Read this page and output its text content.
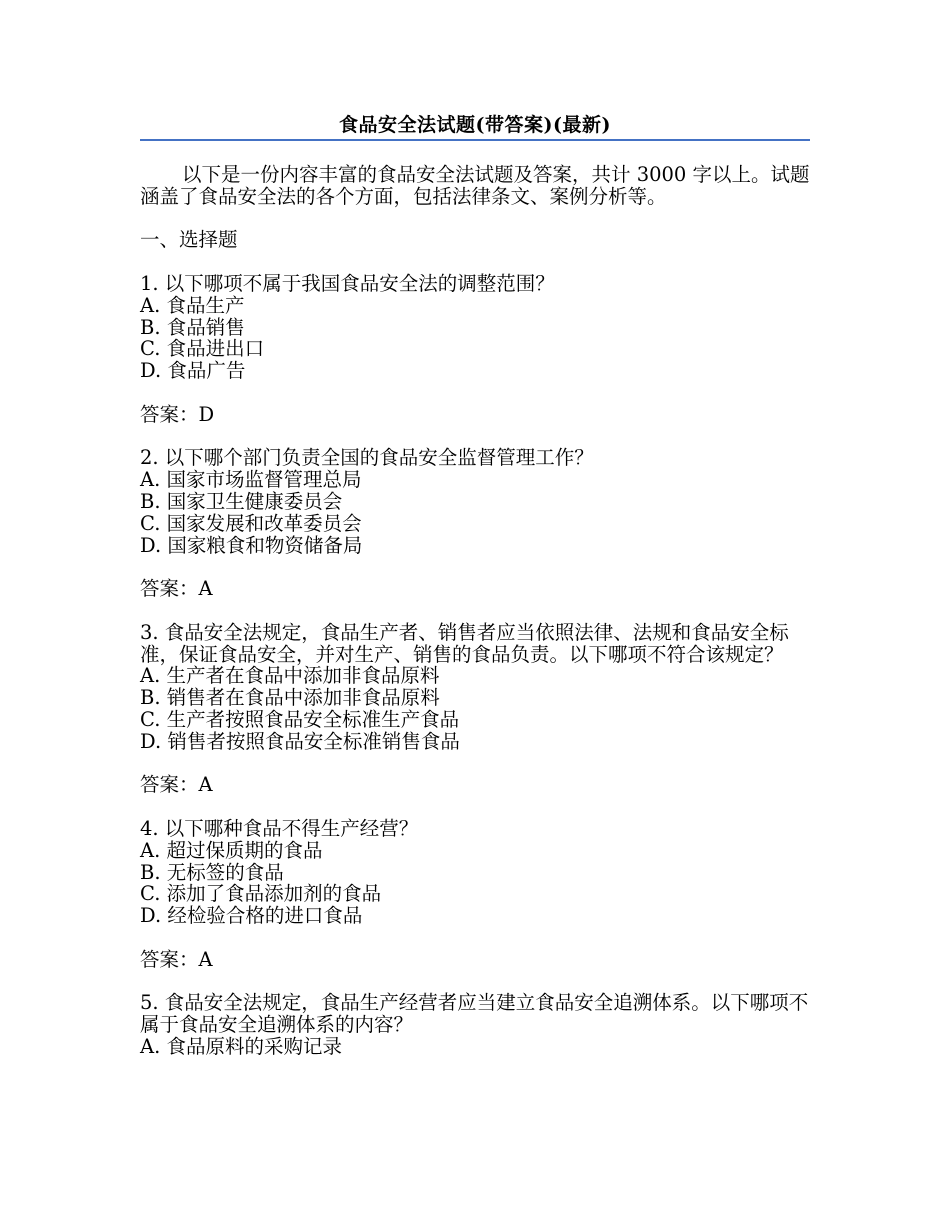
食品安全法试题(带答案)(最新)

以下是一份内容丰富的食品安全法试题及答案，共计 3000 字以上。试题涵盖了食品安全法的各个方面，包括法律条文、案例分析等。

一、选择题

1. 以下哪项不属于我国食品安全法的调整范围？

A. 食品生产

B. 食品销售

C. 食品进出口

D. 食品广告

答案：D

2. 以下哪个部门负责全国的食品安全监督管理工作？

A. 国家市场监督管理总局

B. 国家卫生健康委员会

C. 国家发展和改革委员会

D. 国家粮食和物资储备局

答案：A

3. 食品安全法规定，食品生产者、销售者应当依照法律、法规和食品安全标准，保证食品安全，并对生产、销售的食品负责。以下哪项不符合该规定？

A. 生产者在食品中添加非食品原料

B. 销售者在食品中添加非食品原料

C. 生产者按照食品安全标准生产食品

D. 销售者按照食品安全标准销售食品

答案：A

4. 以下哪种食品不得生产经营？

A. 超过保质期的食品

B. 无标签的食品

C. 添加了食品添加剂的食品

D. 经检验合格的进口食品

答案：A

5. 食品安全法规定，食品生产经营者应当建立食品安全追溯体系。以下哪项不属于食品安全追溯体系的内容？

A. 食品原料的采购记录
